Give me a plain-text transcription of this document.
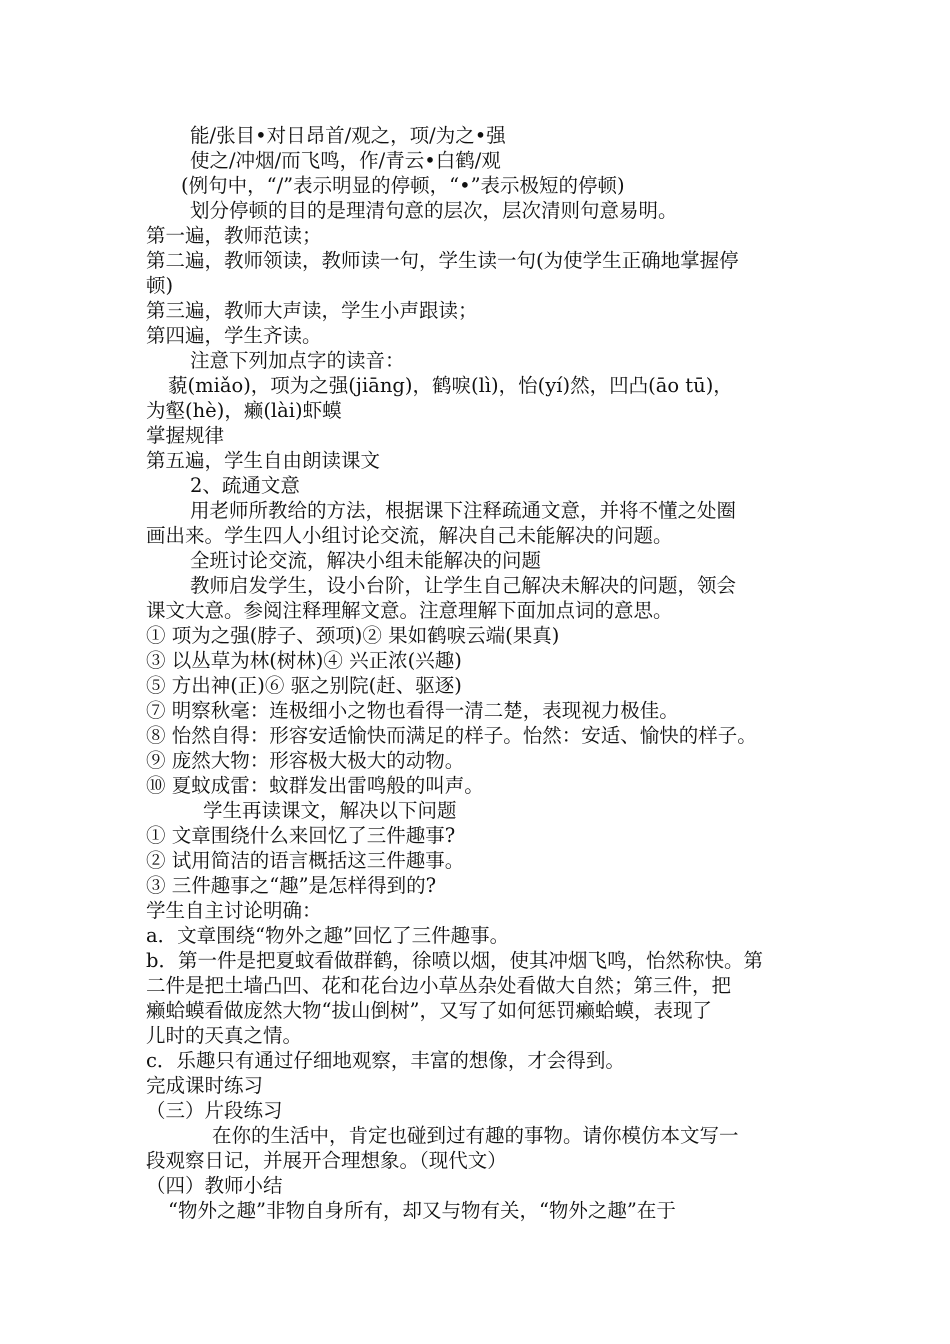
能/张目•对日昂首/观之，项/为之•强
使之/冲烟/而飞鸣，作/青云•白鹤/观
(例句中，“/”表示明显的停顿，“•”表示极短的停顿)
划分停顿的目的是理清句意的层次，层次清则句意易明。
第一遍，教师范读；
第二遍，教师领读，教师读一句，学生读一句(为使学生正确地掌握停
顿)
第三遍，教师大声读，学生小声跟读；
第四遍，学生齐读。
注意下列加点字的读音：
藐(miǎo)，项为之强(jiāng)，鹤唳(lì)，怡(yí)然，凹凸(āo tū)，
为壑(hè)，癞(lài)虾蟆
掌握规律
第五遍，学生自由朗读课文
2、疏通文意
用老师所教给的方法，根据课下注释疏通文意，并将不懂之处圈
画出来。学生四人小组讨论交流，解决自己未能解决的问题。
全班讨论交流，解决小组未能解决的问题
教师启发学生，设小台阶，让学生自己解决未解决的问题，领会
课文大意。参阅注释理解文意。注意理解下面加点词的意思。
① 项为之强(脖子、颈项)② 果如鹤唳云端(果真)
③ 以丛草为林(树林)④ 兴正浓(兴趣)
⑤ 方出神(正)⑥ 驱之别院(赶、驱逐)
⑦ 明察秋毫：连极细小之物也看得一清二楚，表现视力极佳。
⑧ 怡然自得：形容安适愉快而满足的样子。怡然：安适、愉快的样子。
⑨ 庞然大物：形容极大极大的动物。
⑩ 夏蚊成雷：蚊群发出雷鸣般的叫声。
学生再读课文，解决以下问题
① 文章围绕什么来回忆了三件趣事?
② 试用简洁的语言概括这三件趣事。
③ 三件趣事之“趣”是怎样得到的?
学生自主讨论明确：
a．文章围绕“物外之趣”回忆了三件趣事。
b．第一件是把夏蚊看做群鹤，徐喷以烟，使其冲烟飞鸣，怡然称快。第
二件是把土墙凸凹、花和花台边小草丛杂处看做大自然；第三件，把
癞蛤蟆看做庞然大物“拔山倒树”，又写了如何惩罚癞蛤蟆，表现了
儿时的天真之情。
c．乐趣只有通过仔细地观察，丰富的想像，才会得到。
完成课时练习
（三）片段练习
在你的生活中，肯定也碰到过有趣的事物。请你模仿本文写一
段观察日记，并展开合理想象。（现代文）
（四）教师小结
“物外之趣”非物自身所有，却又与物有关，“物外之趣”在于
